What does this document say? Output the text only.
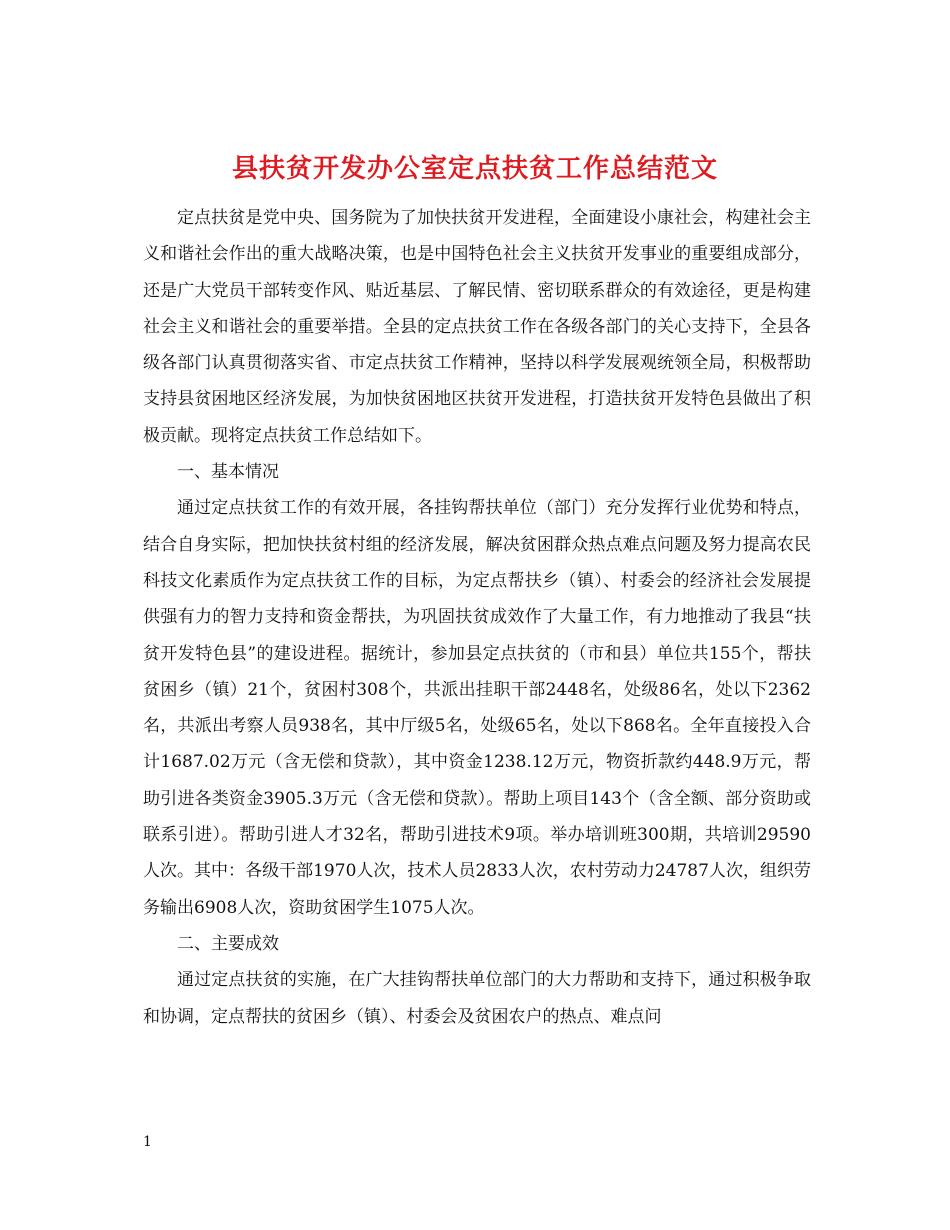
县扶贫开发办公室定点扶贫工作总结范文

定点扶贫是党中央、国务院为了加快扶贫开发进程，全面建设小康社会，构建社会主义和谐社会作出的重大战略决策，也是中国特色社会主义扶贫开发事业的重要组成部分，还是广大党员干部转变作风、贴近基层、了解民情、密切联系群众的有效途径，更是构建社会主义和谐社会的重要举措。全县的定点扶贫工作在各级各部门的关心支持下，全县各级各部门认真贯彻落实省、市定点扶贫工作精神，坚持以科学发展观统领全局，积极帮助支持县贫困地区经济发展，为加快贫困地区扶贫开发进程，打造扶贫开发特色县做出了积极贡献。现将定点扶贫工作总结如下。

一、基本情况

通过定点扶贫工作的有效开展，各挂钩帮扶单位（部门）充分发挥行业优势和特点，结合自身实际，把加快扶贫村组的经济发展，解决贫困群众热点难点问题及努力提高农民科技文化素质作为定点扶贫工作的目标，为定点帮扶乡（镇）、村委会的经济社会发展提供强有力的智力支持和资金帮扶，为巩固扶贫成效作了大量工作，有力地推动了我县“扶贫开发特色县”的建设进程。据统计，参加县定点扶贫的（市和县）单位共155个，帮扶贫困乡（镇）21个，贫困村308个，共派出挂职干部2448名，处级86名，处以下2362名，共派出考察人员938名，其中厅级5名，处级65名，处以下868名。全年直接投入合计1687.02万元（含无偿和贷款），其中资金1238.12万元，物资折款约448.9万元，帮助引进各类资金3905.3万元（含无偿和贷款）。帮助上项目143个（含全额、部分资助或联系引进）。帮助引进人才32名，帮助引进技术9项。举办培训班300期，共培训29590人次。其中：各级干部1970人次，技术人员2833人次，农村劳动力24787人次，组织劳务输出6908人次，资助贫困学生1075人次。

二、主要成效

通过定点扶贫的实施，在广大挂钩帮扶单位部门的大力帮助和支持下，通过积极争取和协调，定点帮扶的贫困乡（镇）、村委会及贫困农户的热点、难点问

1
